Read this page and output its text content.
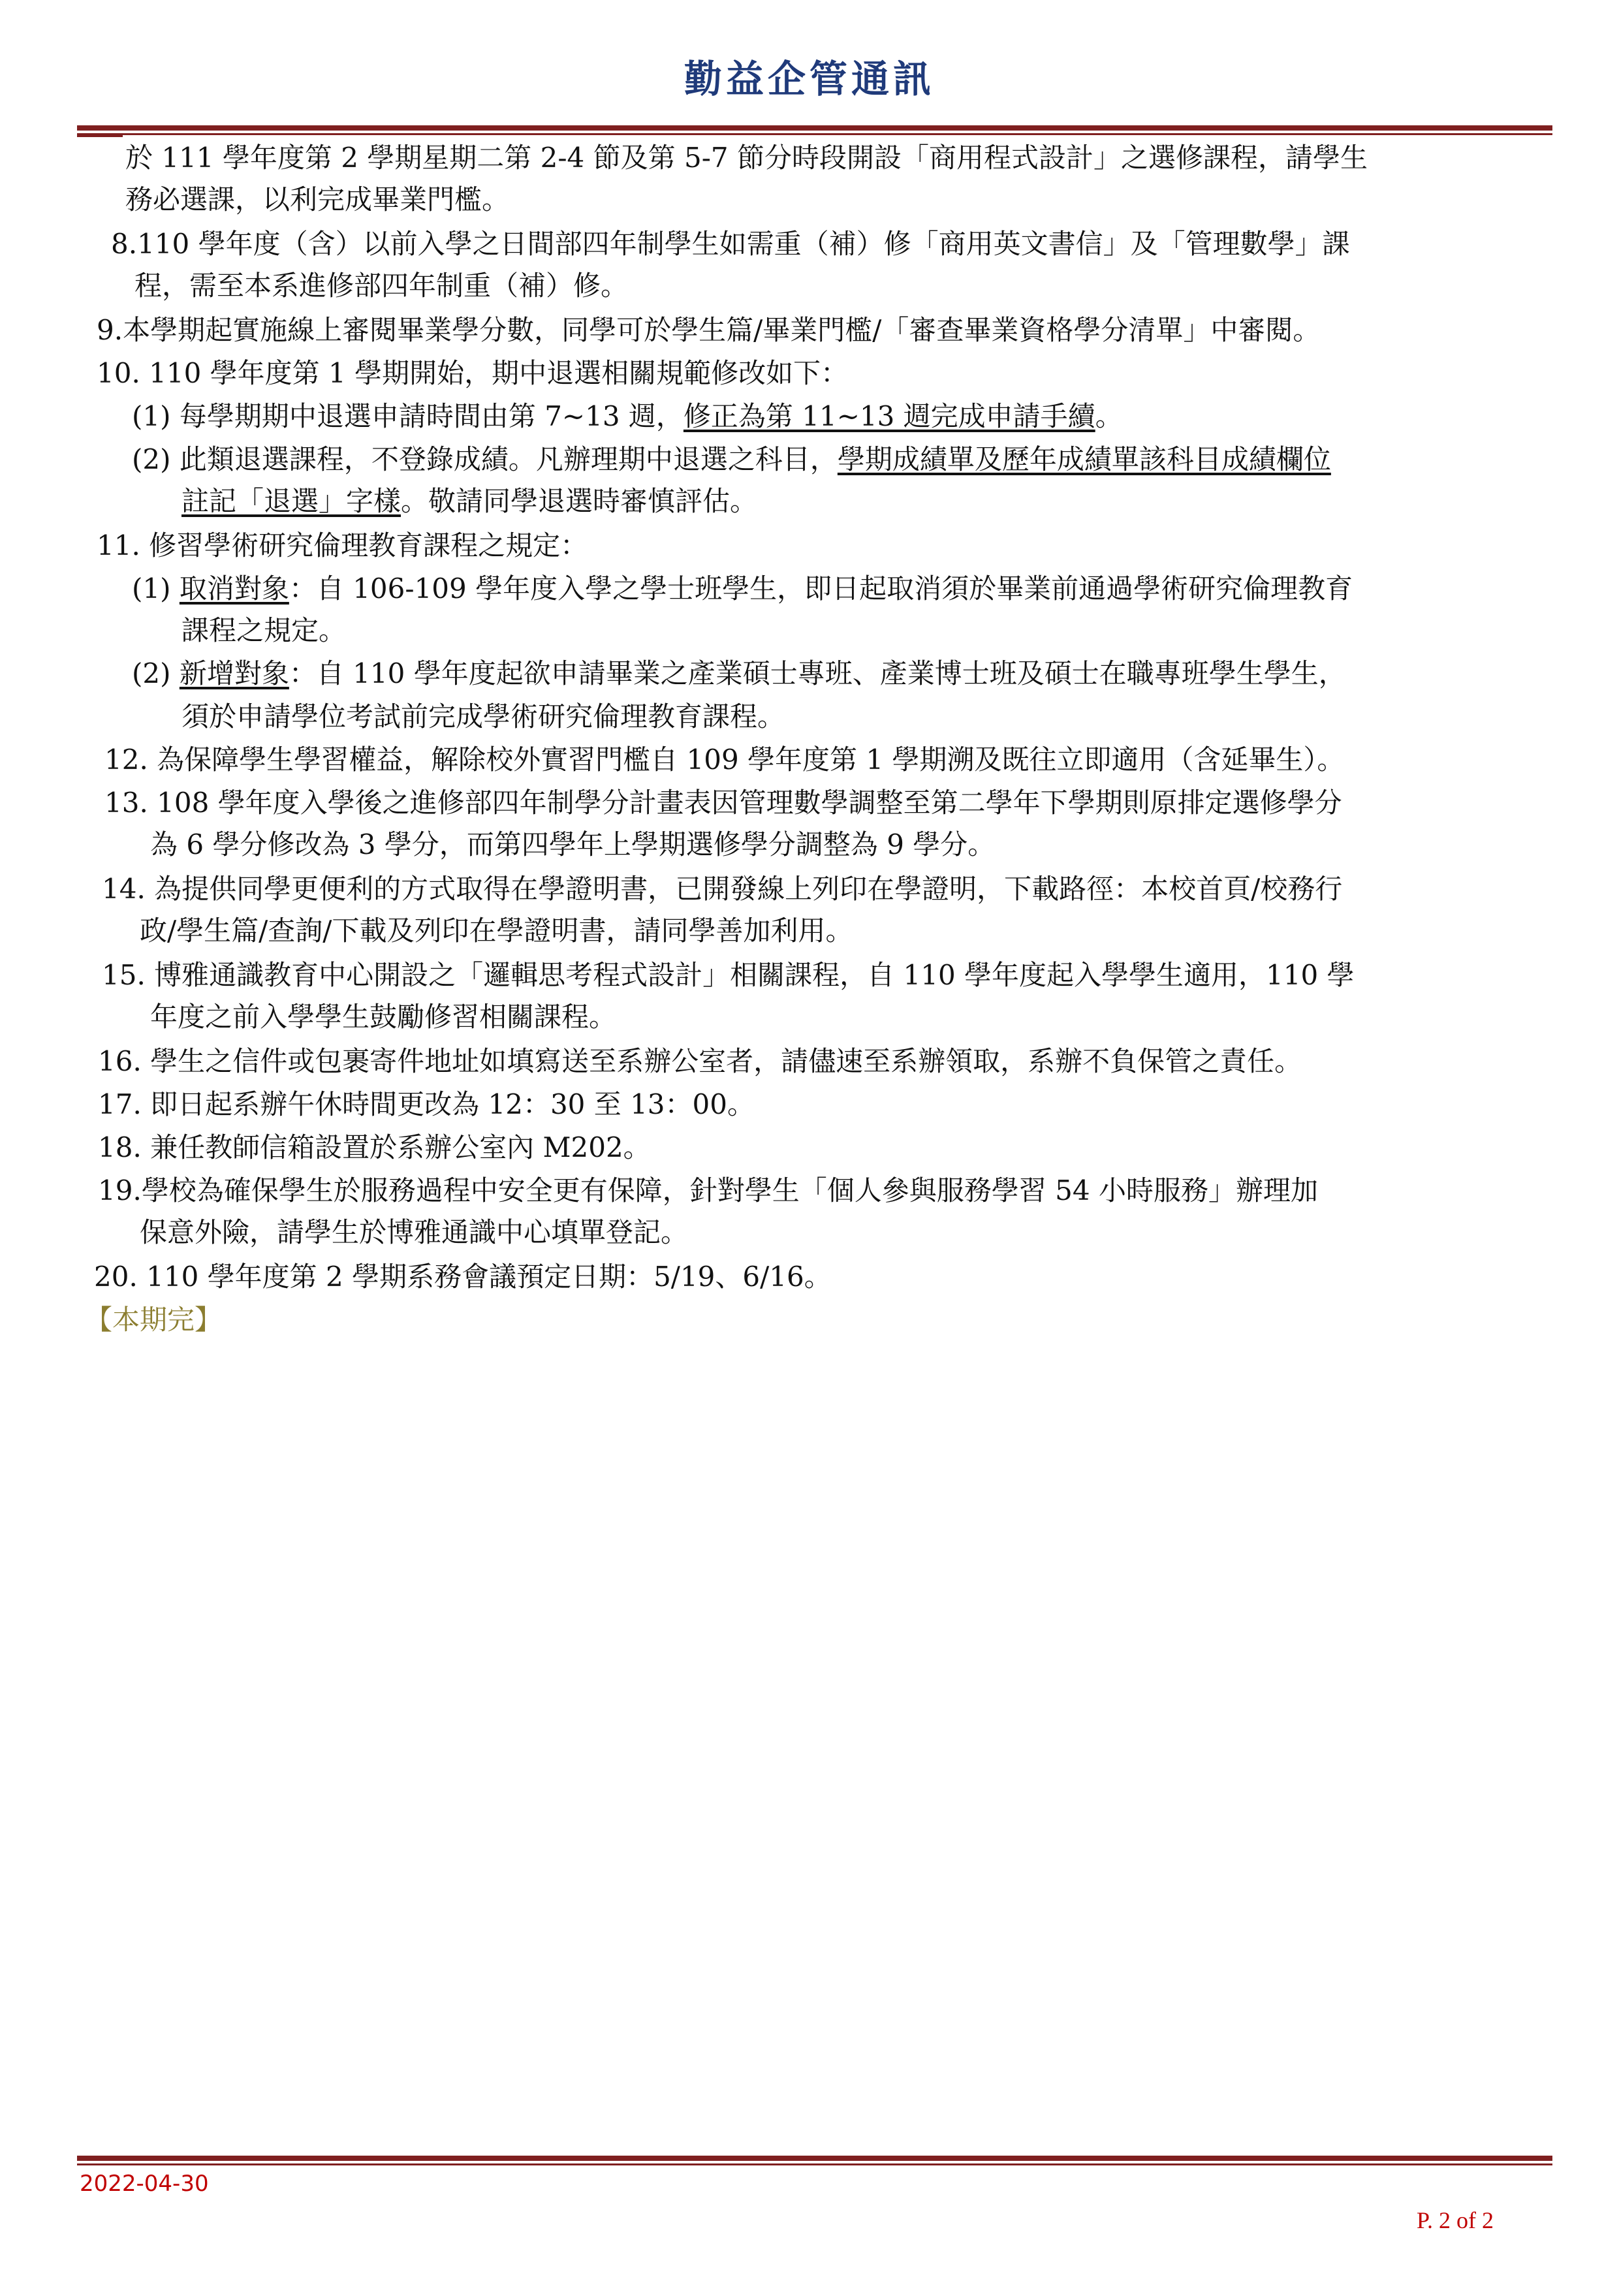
勤益企管通訊
於 111 學年度第 2 學期星期二第 2-4 節及第 5-7 節分時段開設「商用程式設計」之選修課程，請學生
務必選課，以利完成畢業門檻。
8.110 學年度（含）以前入學之日間部四年制學生如需重（補）修「商用英文書信」及「管理數學」課
程，需至本系進修部四年制重（補）修。
9.本學期起實施線上審閱畢業學分數，同學可於學生篇/畢業門檻/「審查畢業資格學分清單」中審閱。
10. 110 學年度第 1 學期開始，期中退選相關規範修改如下：
(1) 每學期期中退選申請時間由第 7~13 週，修正為第 11~13 週完成申請手續。
(2) 此類退選課程，不登錄成績。凡辦理期中退選之科目，學期成績單及歷年成績單該科目成績欄位
註記「退選」字樣。敬請同學退選時審慎評估。
11. 修習學術研究倫理教育課程之規定：
(1) 取消對象：自 106-109 學年度入學之學士班學生，即日起取消須於畢業前通過學術研究倫理教育
課程之規定。
(2) 新增對象：自 110 學年度起欲申請畢業之產業碩士專班、產業博士班及碩士在職專班學生學生，
須於申請學位考試前完成學術研究倫理教育課程。
12. 為保障學生學習權益，解除校外實習門檻自 109 學年度第 1 學期溯及既往立即適用（含延畢生）。
13. 108 學年度入學後之進修部四年制學分計畫表因管理數學調整至第二學年下學期則原排定選修學分
為 6 學分修改為 3 學分，而第四學年上學期選修學分調整為 9 學分。
14. 為提供同學更便利的方式取得在學證明書，已開發線上列印在學證明，下載路徑：本校首頁/校務行
政/學生篇/查詢/下載及列印在學證明書，請同學善加利用。
15. 博雅通識教育中心開設之「邏輯思考程式設計」相關課程，自 110 學年度起入學學生適用，110 學
年度之前入學學生鼓勵修習相關課程。
16. 學生之信件或包裹寄件地址如填寫送至系辦公室者，請儘速至系辦領取，系辦不負保管之責任。
17. 即日起系辦午休時間更改為 12：30 至 13：00。
18. 兼任教師信箱設置於系辦公室內 M202。
19.學校為確保學生於服務過程中安全更有保障，針對學生「個人參與服務學習 54 小時服務」辦理加
保意外險，請學生於博雅通識中心填單登記。
20. 110 學年度第 2 學期系務會議預定日期：5/19、6/16。
【本期完】
2022-04-30
P. 2 of 2
